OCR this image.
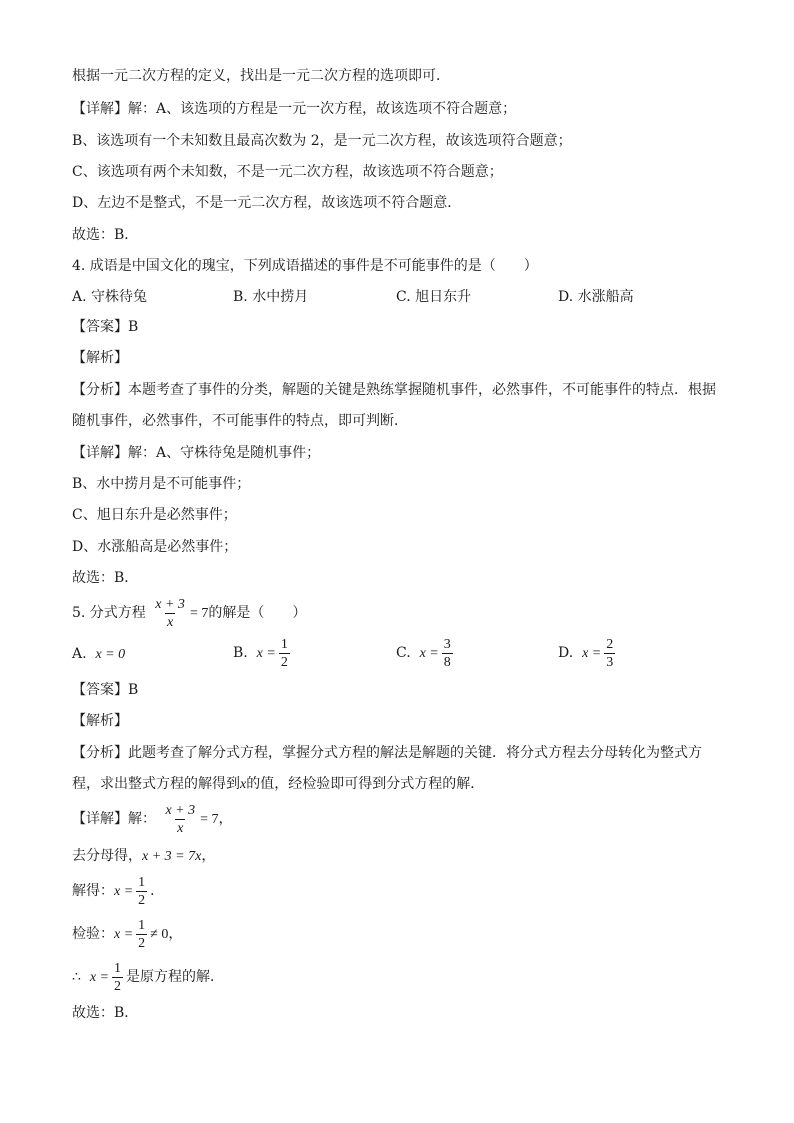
根据一元二次方程的定义，找出是一元二次方程的选项即可．
【详解】解：A、该选项的方程是一元一次方程，故该选项不符合题意；
B、该选项有一个未知数且最高次数为 2，是一元二次方程，故该选项符合题意；
C、该选项有两个未知数，不是一元二次方程，故该选项不符合题意；
D、左边不是整式，不是一元二次方程，故该选项不符合题意．
故选：B．
4. 成语是中国文化的瑰宝，下列成语描述的事件是不可能事件的是（　　）
A. 守株待兔	B. 水中捞月	C. 旭日东升	D. 水涨船高
【答案】B
【解析】
【分析】本题考查了事件的分类，解题的关键是熟练掌握随机事件，必然事件，不可能事件的特点．根据
随机事件，必然事件，不可能事件的特点，即可判断．
【详解】解：A、守株待兔是随机事件；
B、水中捞月是不可能事件；
C、旭日东升是必然事件；
D、水涨船高是必然事件；
故选：B．
5. 分式方程 $\frac{x + 3}{x} = 7$的解是（　　）
A. x = 0	B. $x = \frac{1}{2}$	C. $x = \frac{3}{8}$	D. $x = \frac{2}{3}$
【答案】B
【解析】
【分析】此题考查了解分式方程，掌握分式方程的解法是解题的关键．将分式方程去分母转化为整式方
程，求出整式方程的解得到x的值，经检验即可得到分式方程的解．
【详解】解： $\frac{x + 3}{x} = 7$，
去分母得，x + 3 = 7x，
解得：$x = \frac{1}{2}$ ．
检验：$x = \frac{1}{2} \ne 0$，
∴ $x = \frac{1}{2}$ 是原方程的解．
故选：B．
